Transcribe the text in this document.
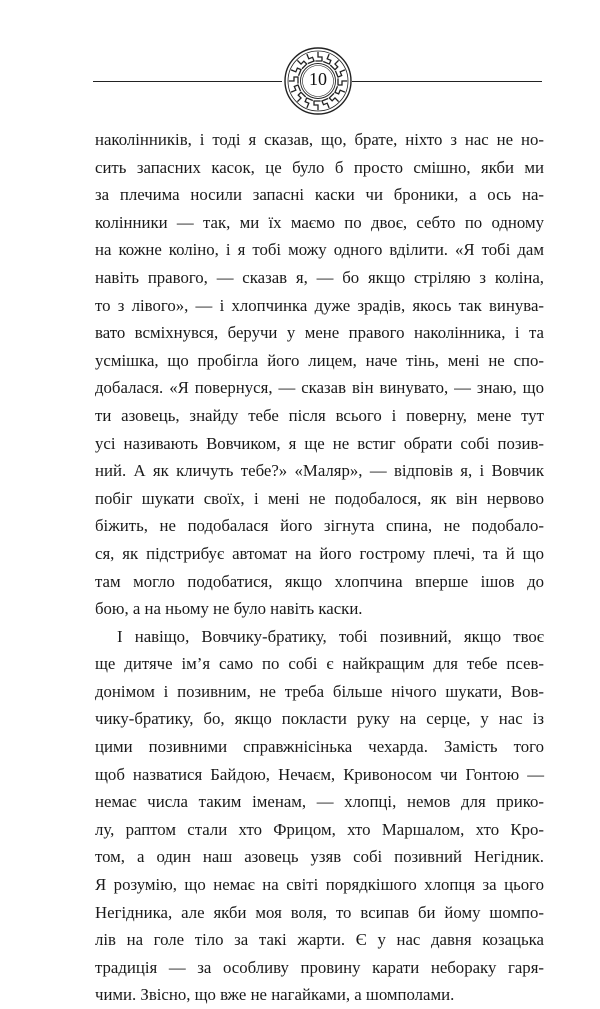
10
наколінників, і тоді я сказав, що, брате, ніхто з нас не но-
сить запасних касок, це було б просто смішно, якби ми
за плечима носили запасні каски чи броники, а ось на-
колінники — так, ми їх маємо по двоє, себто по одному
на кожне коліно, і я тобі можу одного вділити. «Я тобі дам
навіть правого, — сказав я, — бо якщо стріляю з коліна,
то з лівого», — і хлопчинка дуже зрадів, якось так винува-
вато всміхнувся, беручи у мене правого наколінника, і та
усмішка, що пробігла його лицем, наче тінь, мені не спо-
добалася. «Я повернуся, — сказав він винувато, — знаю, що
ти азовець, знайду тебе після всього і поверну, мене тут
усі називають Вовчиком, я ще не встиг обрати собі позив-
ний. А як кличуть тебе?» «Маляр», — відповів я, і Вовчик
побіг шукати своїх, і мені не подобалося, як він нервово
біжить, не подобалася його зігнута спина, не подобало-
ся, як підстрибує автомат на його гострому плечі, та й що
там могло подобатися, якщо хлопчина вперше ішов до
бою, а на ньому не було навіть каски.
І навіщо, Вовчику-братику, тобі позивний, якщо твоє
ще дитяче ім’я само по собі є найкращим для тебе псев-
донімом і позивним, не треба більше нічого шукати, Вов-
чику-братику, бо, якщо покласти руку на серце, у нас із
цими позивними справжнісінька чехарда. Замість того
щоб назватися Байдою, Нечаєм, Кривоносом чи Гонтою —
немає числа таким іменам, — хлопці, немов для прико-
лу, раптом стали хто Фрицом, хто Маршалом, хто Кро-
том, а один наш азовець узяв собі позивний Негідник.
Я розумію, що немає на світі порядкішого хлопця за цього
Негідника, але якби моя воля, то всипав би йому шомпо-
лів на голе тіло за такі жарти. Є у нас давня козацька
традиція — за особливу провину карати небораку гаря-
чими. Звісно, що вже не нагайками, а шомполами.
